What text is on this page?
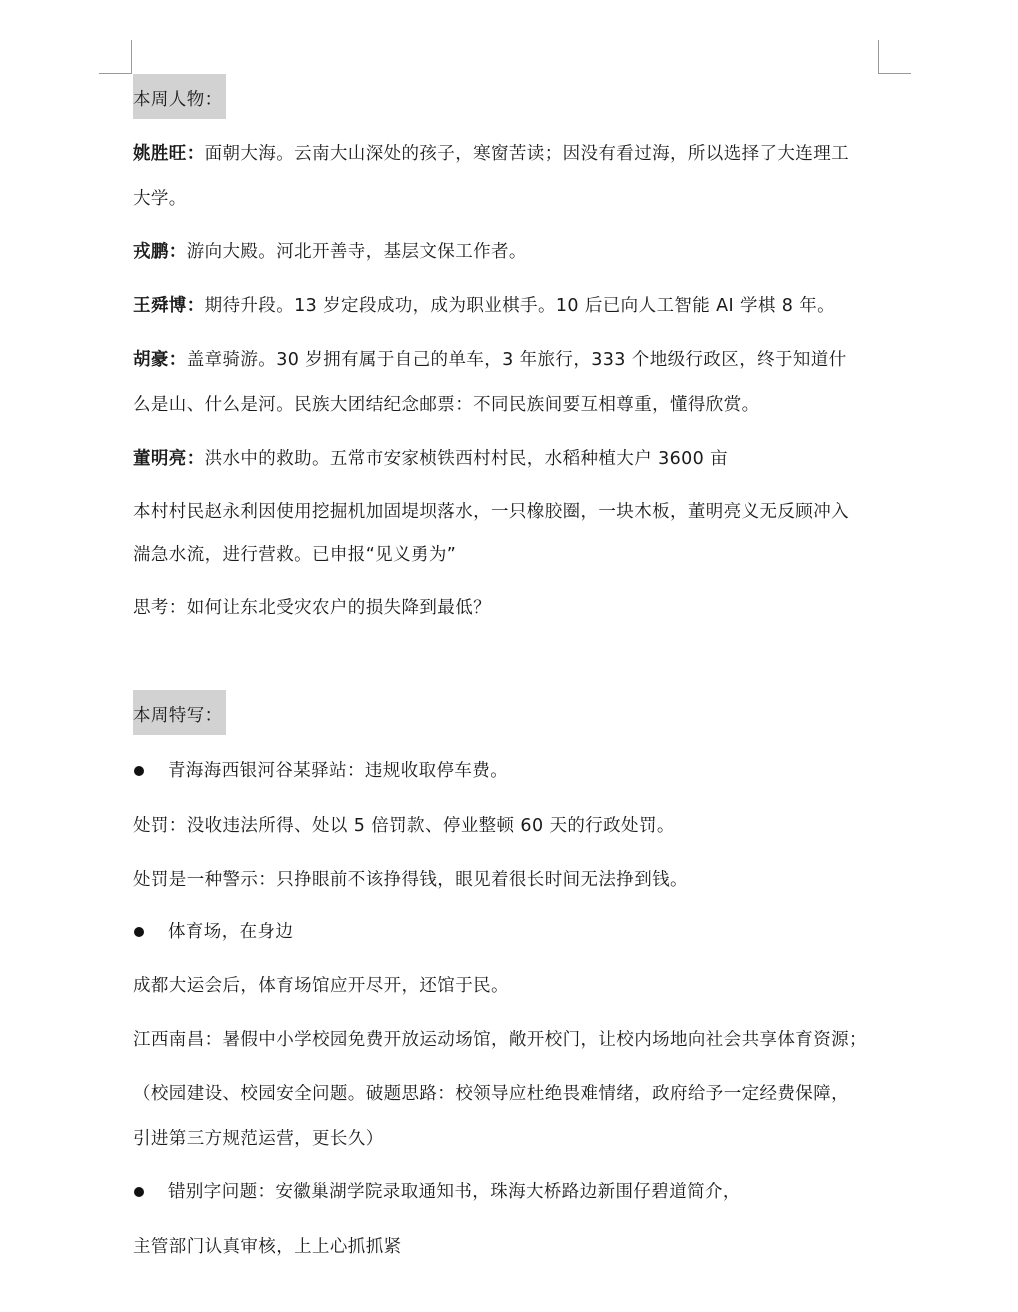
本周人物：
姚胜旺：面朝大海。云南大山深处的孩子，寒窗苦读；因没有看过海，所以选择了大连理工
大学。
戎鹏：游向大殿。河北开善寺，基层文保工作者。
王舜博：期待升段。13 岁定段成功，成为职业棋手。10 后已向人工智能 AI 学棋 8 年。
胡豪：盖章骑游。30 岁拥有属于自己的单车，3 年旅行，333 个地级行政区，终于知道什
么是山、什么是河。民族大团结纪念邮票：不同民族间要互相尊重，懂得欣赏。
董明亮：洪水中的救助。五常市安家桢铁西村村民，水稻种植大户 3600 亩
本村村民赵永利因使用挖掘机加固堤坝落水，一只橡胶圈，一块木板，董明亮义无反顾冲入
湍急水流，进行营救。已申报“见义勇为”
思考：如何让东北受灾农户的损失降到最低？
本周特写：
青海海西银河谷某驿站：违规收取停车费。
处罚：没收违法所得、处以 5 倍罚款、停业整顿 60 天的行政处罚。
处罚是一种警示：只挣眼前不该挣得钱，眼见着很长时间无法挣到钱。
体育场，在身边
成都大运会后，体育场馆应开尽开，还馆于民。
江西南昌：暑假中小学校园免费开放运动场馆，敞开校门，让校内场地向社会共享体育资源；
（校园建设、校园安全问题。破题思路：校领导应杜绝畏难情绪，政府给予一定经费保障，
引进第三方规范运营，更长久）
错别字问题：安徽巢湖学院录取通知书，珠海大桥路边新围仔碧道简介，
主管部门认真审核，上上心抓抓紧
